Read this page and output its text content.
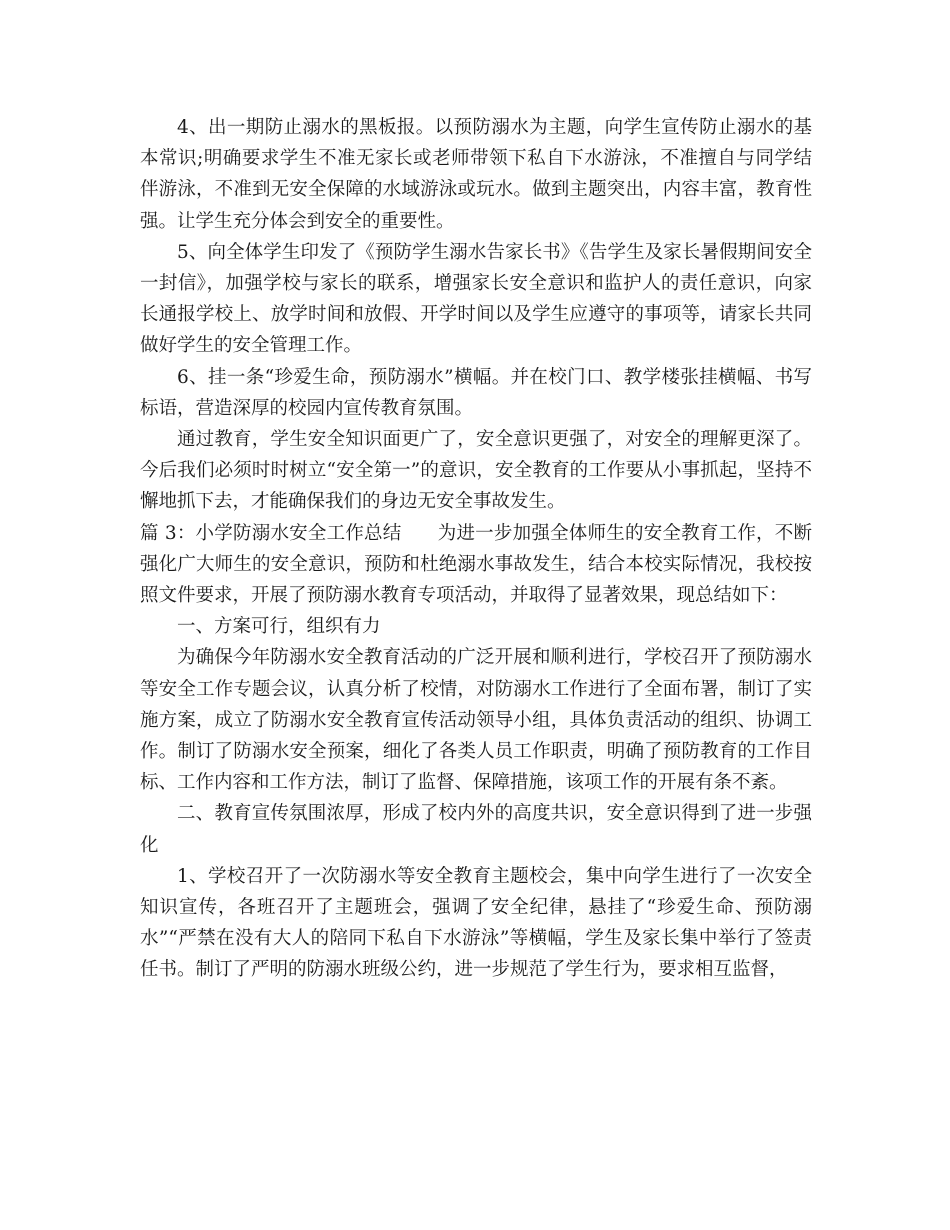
4、出一期防止溺水的黑板报。以预防溺水为主题，向学生宣传防止溺水的基本常识;明确要求学生不准无家长或老师带领下私自下水游泳，不准擅自与同学结伴游泳，不准到无安全保障的水域游泳或玩水。做到主题突出，内容丰富，教育性强。让学生充分体会到安全的重要性。

5、向全体学生印发了《预防学生溺水告家长书》《告学生及家长暑假期间安全一封信》，加强学校与家长的联系，增强家长安全意识和监护人的责任意识，向家长通报学校上、放学时间和放假、开学时间以及学生应遵守的事项等，请家长共同做好学生的安全管理工作。

6、挂一条“珍爱生命，预防溺水”横幅。并在校门口、教学楼张挂横幅、书写标语，营造深厚的校园内宣传教育氛围。

通过教育，学生安全知识面更广了，安全意识更强了，对安全的理解更深了。今后我们必须时时树立“安全第一”的意识，安全教育的工作要从小事抓起，坚持不懈地抓下去，才能确保我们的身边无安全事故发生。

篇 3：小学防溺水安全工作总结 为进一步加强全体师生的安全教育工作，不断强化广大师生的安全意识，预防和杜绝溺水事故发生，结合本校实际情况，我校按照文件要求，开展了预防溺水教育专项活动，并取得了显著效果，现总结如下：

一、方案可行，组织有力

为确保今年防溺水安全教育活动的广泛开展和顺利进行，学校召开了预防溺水等安全工作专题会议，认真分析了校情，对防溺水工作进行了全面布署，制订了实施方案，成立了防溺水安全教育宣传活动领导小组，具体负责活动的组织、协调工作。制订了防溺水安全预案，细化了各类人员工作职责，明确了预防教育的工作目标、工作内容和工作方法，制订了监督、保障措施，该项工作的开展有条不紊。

二、教育宣传氛围浓厚，形成了校内外的高度共识，安全意识得到了进一步强化

1、学校召开了一次防溺水等安全教育主题校会，集中向学生进行了一次安全知识宣传，各班召开了主题班会，强调了安全纪律，悬挂了“珍爱生命、预防溺水”“严禁在没有大人的陪同下私自下水游泳”等横幅，学生及家长集中举行了签责任书。制订了严明的防溺水班级公约，进一步规范了学生行为，要求相互监督，
